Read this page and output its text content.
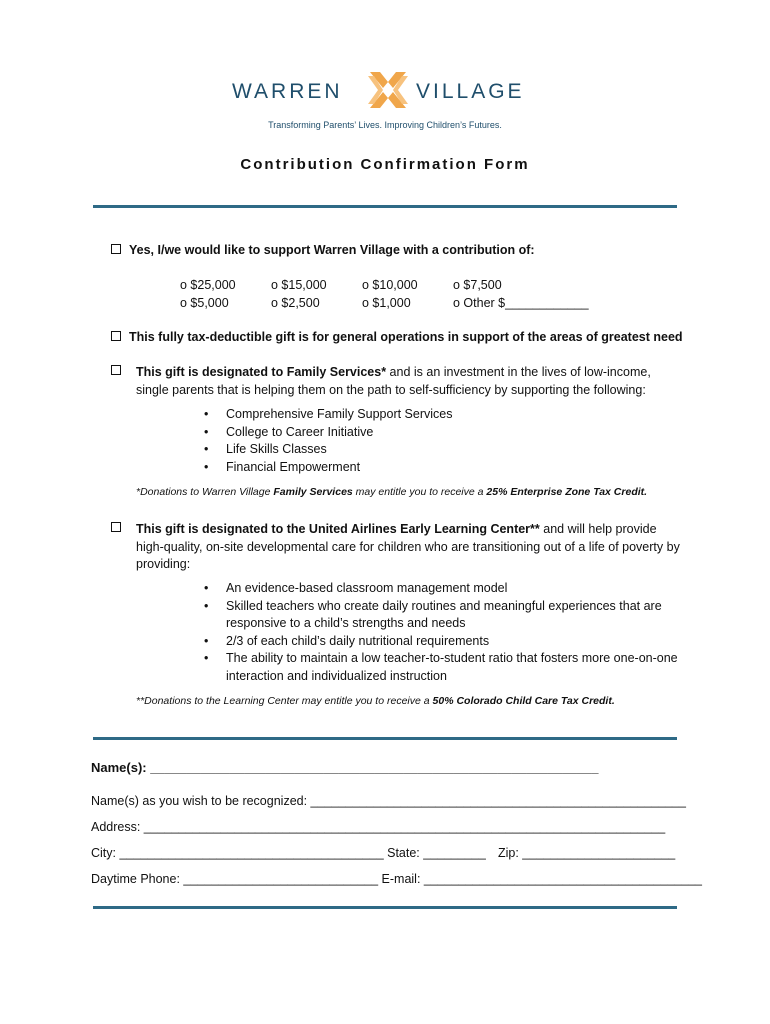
WARREN	VILLAGE
Transforming Parents’ Lives. Improving Children’s Futures.
Contribution Confirmation Form
Yes, I/we would like to support Warren Village with a contribution of:
o $25,000	o $15,000	o $10,000	o $7,500
o $5,000	o $2,500	o $1,000	o Other $____________
This fully tax-deductible gift is for general operations in support of the areas of greatest need
This gift is designated to Family Services* and is an investment in the lives of low-income, single parents that is helping them on the path to self-sufficiency by supporting the following:
• Comprehensive Family Support Services
• College to Career Initiative
• Life Skills Classes
• Financial Empowerment
*Donations to Warren Village Family Services may entitle you to receive a 25% Enterprise Zone Tax Credit.
This gift is designated to the United Airlines Early Learning Center** and will help provide high-quality, on-site developmental care for children who are transitioning out of a life of poverty by providing:
• An evidence-based classroom management model
• Skilled teachers who create daily routines and meaningful experiences that are responsive to a child’s strengths and needs
• 2/3 of each child’s daily nutritional requirements
• The ability to maintain a low teacher-to-student ratio that fosters more one-on-one interaction and individualized instruction
**Donations to the Learning Center may entitle you to receive a 50% Colorado Child Care Tax Credit.
Name(s): ______________________________________________________________
Name(s) as you wish to be recognized: ______________________________________________________
Address: ___________________________________________________________________________
City: ______________________________________ State: _________ Zip: ______________________
Daytime Phone: ____________________________ E-mail: ________________________________________
